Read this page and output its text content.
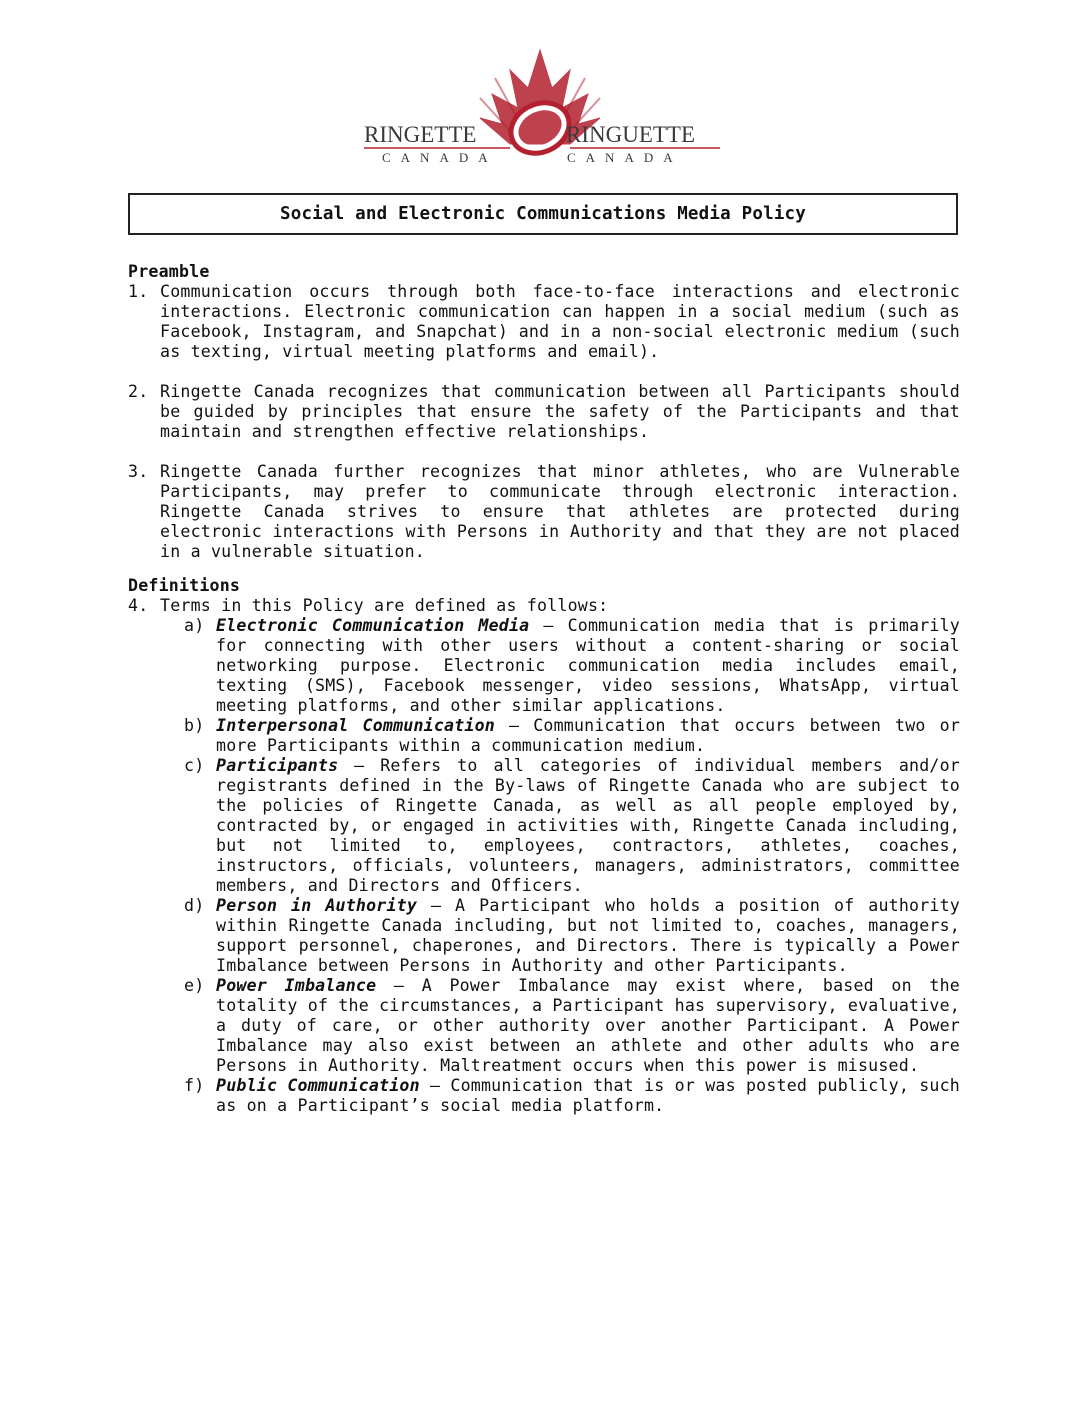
RINGETTE	RINGUETTE
CANADA	CANADA
Social and Electronic Communications Media Policy

Preamble

1. Communication occurs through both face-to-face interactions and electronic interactions. Electronic communication can happen in a social medium (such as Facebook, Instagram, and Snapchat) and in a non-social electronic medium (such as texting, virtual meeting platforms and email).
2. Ringette Canada recognizes that communication between all Participants should be guided by principles that ensure the safety of the Participants and that maintain and strengthen effective relationships.
3. Ringette Canada further recognizes that minor athletes, who are Vulnerable Participants, may prefer to communicate through electronic interaction. Ringette Canada strives to ensure that athletes are protected during electronic interactions with Persons in Authority and that they are not placed in a vulnerable situation.

Definitions

4. Terms in this Policy are defined as follows:
a) Electronic Communication Media – Communication media that is primarily for connecting with other users without a content-sharing or social networking purpose. Electronic communication media includes email, texting (SMS), Facebook messenger, video sessions, WhatsApp, virtual meeting platforms, and other similar applications.
b) Interpersonal Communication – Communication that occurs between two or more Participants within a communication medium.
c) Participants – Refers to all categories of individual members and/or registrants defined in the By-laws of Ringette Canada who are subject to the policies of Ringette Canada, as well as all people employed by, contracted by, or engaged in activities with, Ringette Canada including, but not limited to, employees, contractors, athletes, coaches, instructors, officials, volunteers, managers, administrators, committee members, and Directors and Officers.
d) Person in Authority – A Participant who holds a position of authority within Ringette Canada including, but not limited to, coaches, managers, support personnel, chaperones, and Directors. There is typically a Power Imbalance between Persons in Authority and other Participants.
e) Power Imbalance – A Power Imbalance may exist where, based on the totality of the circumstances, a Participant has supervisory, evaluative, a duty of care, or other authority over another Participant. A Power Imbalance may also exist between an athlete and other adults who are Persons in Authority. Maltreatment occurs when this power is misused.
f) Public Communication – Communication that is or was posted publicly, such as on a Participant’s social media platform.
